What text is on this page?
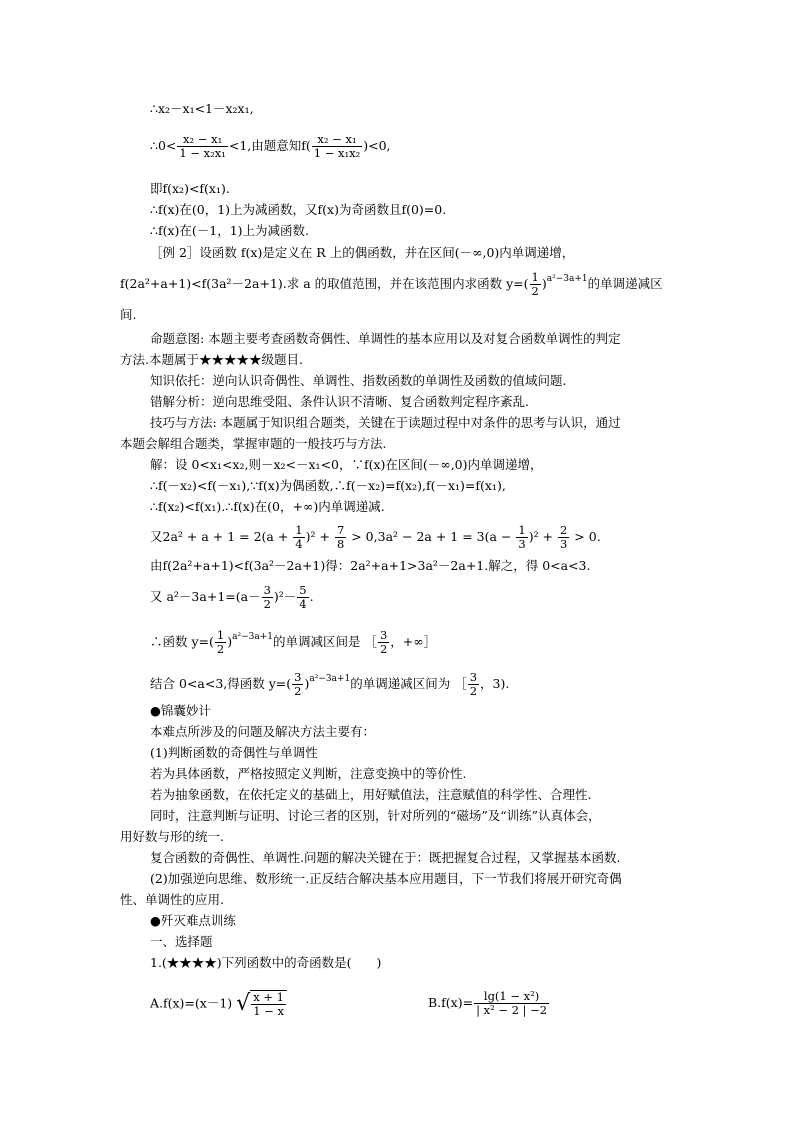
∴x₂－x₁<1－x₂x₁,
∴0< $\frac{\text{x₂ − x₁}}{\text{1 − x₂x₁}} <1$,由题意知$f( \frac{\text{x₂ − x₁}}{\text{1 − x₁x₂}} )<0$,
即f(x₂)<f(x₁).
∴f(x)在(0，1)上为减函数，又f(x)为奇函数且f(0)=0.
∴f(x)在(－1，1)上为减函数.
［例 2］设函数 f(x)是定义在 R 上的偶函数，并在区间(－∞,0)内单调递增，
f(2a²+a+1)<f(3a²－2a+1).求 a 的取值范围，并在该范围内求函数 $y=( \frac{1}{2} )^{a^2-3a+1}$的单调递减区
间.
命题意图: 本题主要考查函数奇偶性、单调性的基本应用以及对复合函数单调性的判定
方法.本题属于★★★★★级题目.
知识依托：逆向认识奇偶性、单调性、指数函数的单调性及函数的值域问题.
错解分析：逆向思维受阻、条件认识不清晰、复合函数判定程序紊乱.
技巧与方法: 本题属于知识组合题类，关键在于读题过程中对条件的思考与认识，通过
本题会解组合题类，掌握审题的一般技巧与方法.
解：设 0<x₁<x₂,则－x₂<－x₁<0，∵f(x)在区间(－∞,0)内单调递增，
∴f(－x₂)<f(－x₁),∵f(x)为偶函数,∴f(－x₂)=f(x₂),f(－x₁)=f(x₁),
∴f(x₂)<f(x₁).∴f(x)在(0，+∞)内单调递减.
又$2a^2 + a + 1 = 2(a + \frac{1}{4} )^2 + \frac{7}{8} > 0,3a^2 - 2a + 1 = 3(a - \frac{1}{3} )^2 + \frac{2}{3} > 0$.
由f(2a²+a+1)<f(3a²－2a+1)得：2a²+a+1>3a²－2a+1.解之，得 0<a<3.
又 $a^2-3a+1=(a- \frac{3}{2} )^2- \frac{5}{4}$ .
∴函数 $y=( \frac{1}{2} )^{a^2-3a+1}$的单调减区间是 ［ $\frac{3}{2}$ ，+∞］
结合 0<a<3,得函数 $y=( \frac{3}{2} )^{a^2-3a+1}$的单调递减区间为 ［ $\frac{3}{2}$ ，3).
●锦囊妙计
本难点所涉及的问题及解决方法主要有：
(1)判断函数的奇偶性与单调性
若为具体函数，严格按照定义判断，注意变换中的等价性.
若为抽象函数，在依托定义的基础上，用好赋值法，注意赋值的科学性、合理性.
同时，注意判断与证明、讨论三者的区别，针对所列的“磁场”及“训练”认真体会，
用好数与形的统一.
复合函数的奇偶性、单调性.问题的解决关键在于：既把握复合过程，又掌握基本函数.
(2)加强逆向思维、数形统一.正反结合解决基本应用题目，下一节我们将展开研究奇偶
性、单调性的应用.
●歼灭难点训练
一、选择题
1.(★★★★)下列函数中的奇函数是(　　)
A.f(x)=(x－1) √ $\frac{x + 1}{1 - x}$	$B.f(x)= \frac{\text{lg(1 − x²)}}{\text{| x² − 2 | −2}}$
